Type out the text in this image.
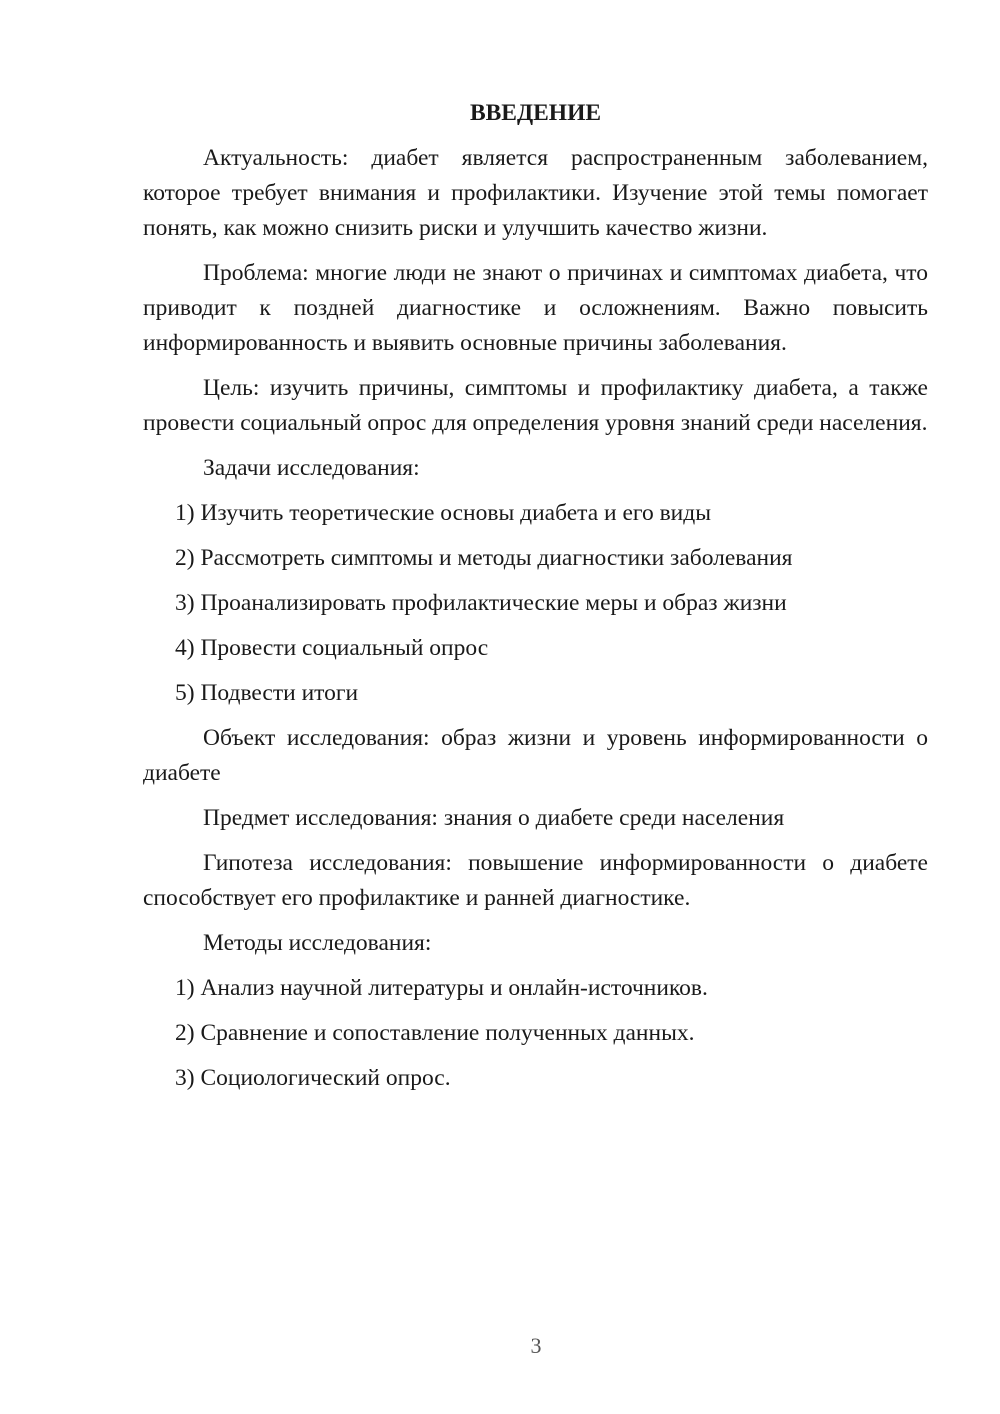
ВВЕДЕНИЕ

Актуальность: диабет является распространенным заболеванием, которое требует внимания и профилактики. Изучение этой темы помогает понять, как можно снизить риски и улучшить качество жизни.

Проблема: многие люди не знают о причинах и симптомах диабета, что приводит к поздней диагностике и осложнениям. Важно повысить информированность и выявить основные причины заболевания.

Цель: изучить причины, симптомы и профилактику диабета, а также провести социальный опрос для определения уровня знаний среди населения.

Задачи исследования:

1) Изучить теоретические основы диабета и его виды

2) Рассмотреть симптомы и методы диагностики заболевания

3) Проанализировать профилактические меры и образ жизни

4) Провести социальный опрос

5) Подвести итоги

Объект исследования: образ жизни и уровень информированности о диабете

Предмет исследования: знания о диабете среди населения

Гипотеза исследования: повышение информированности о диабете способствует его профилактике и ранней диагностике.

Методы исследования:

1) Анализ научной литературы и онлайн-источников.

2) Сравнение и сопоставление полученных данных.

3) Социологический опрос.

3
